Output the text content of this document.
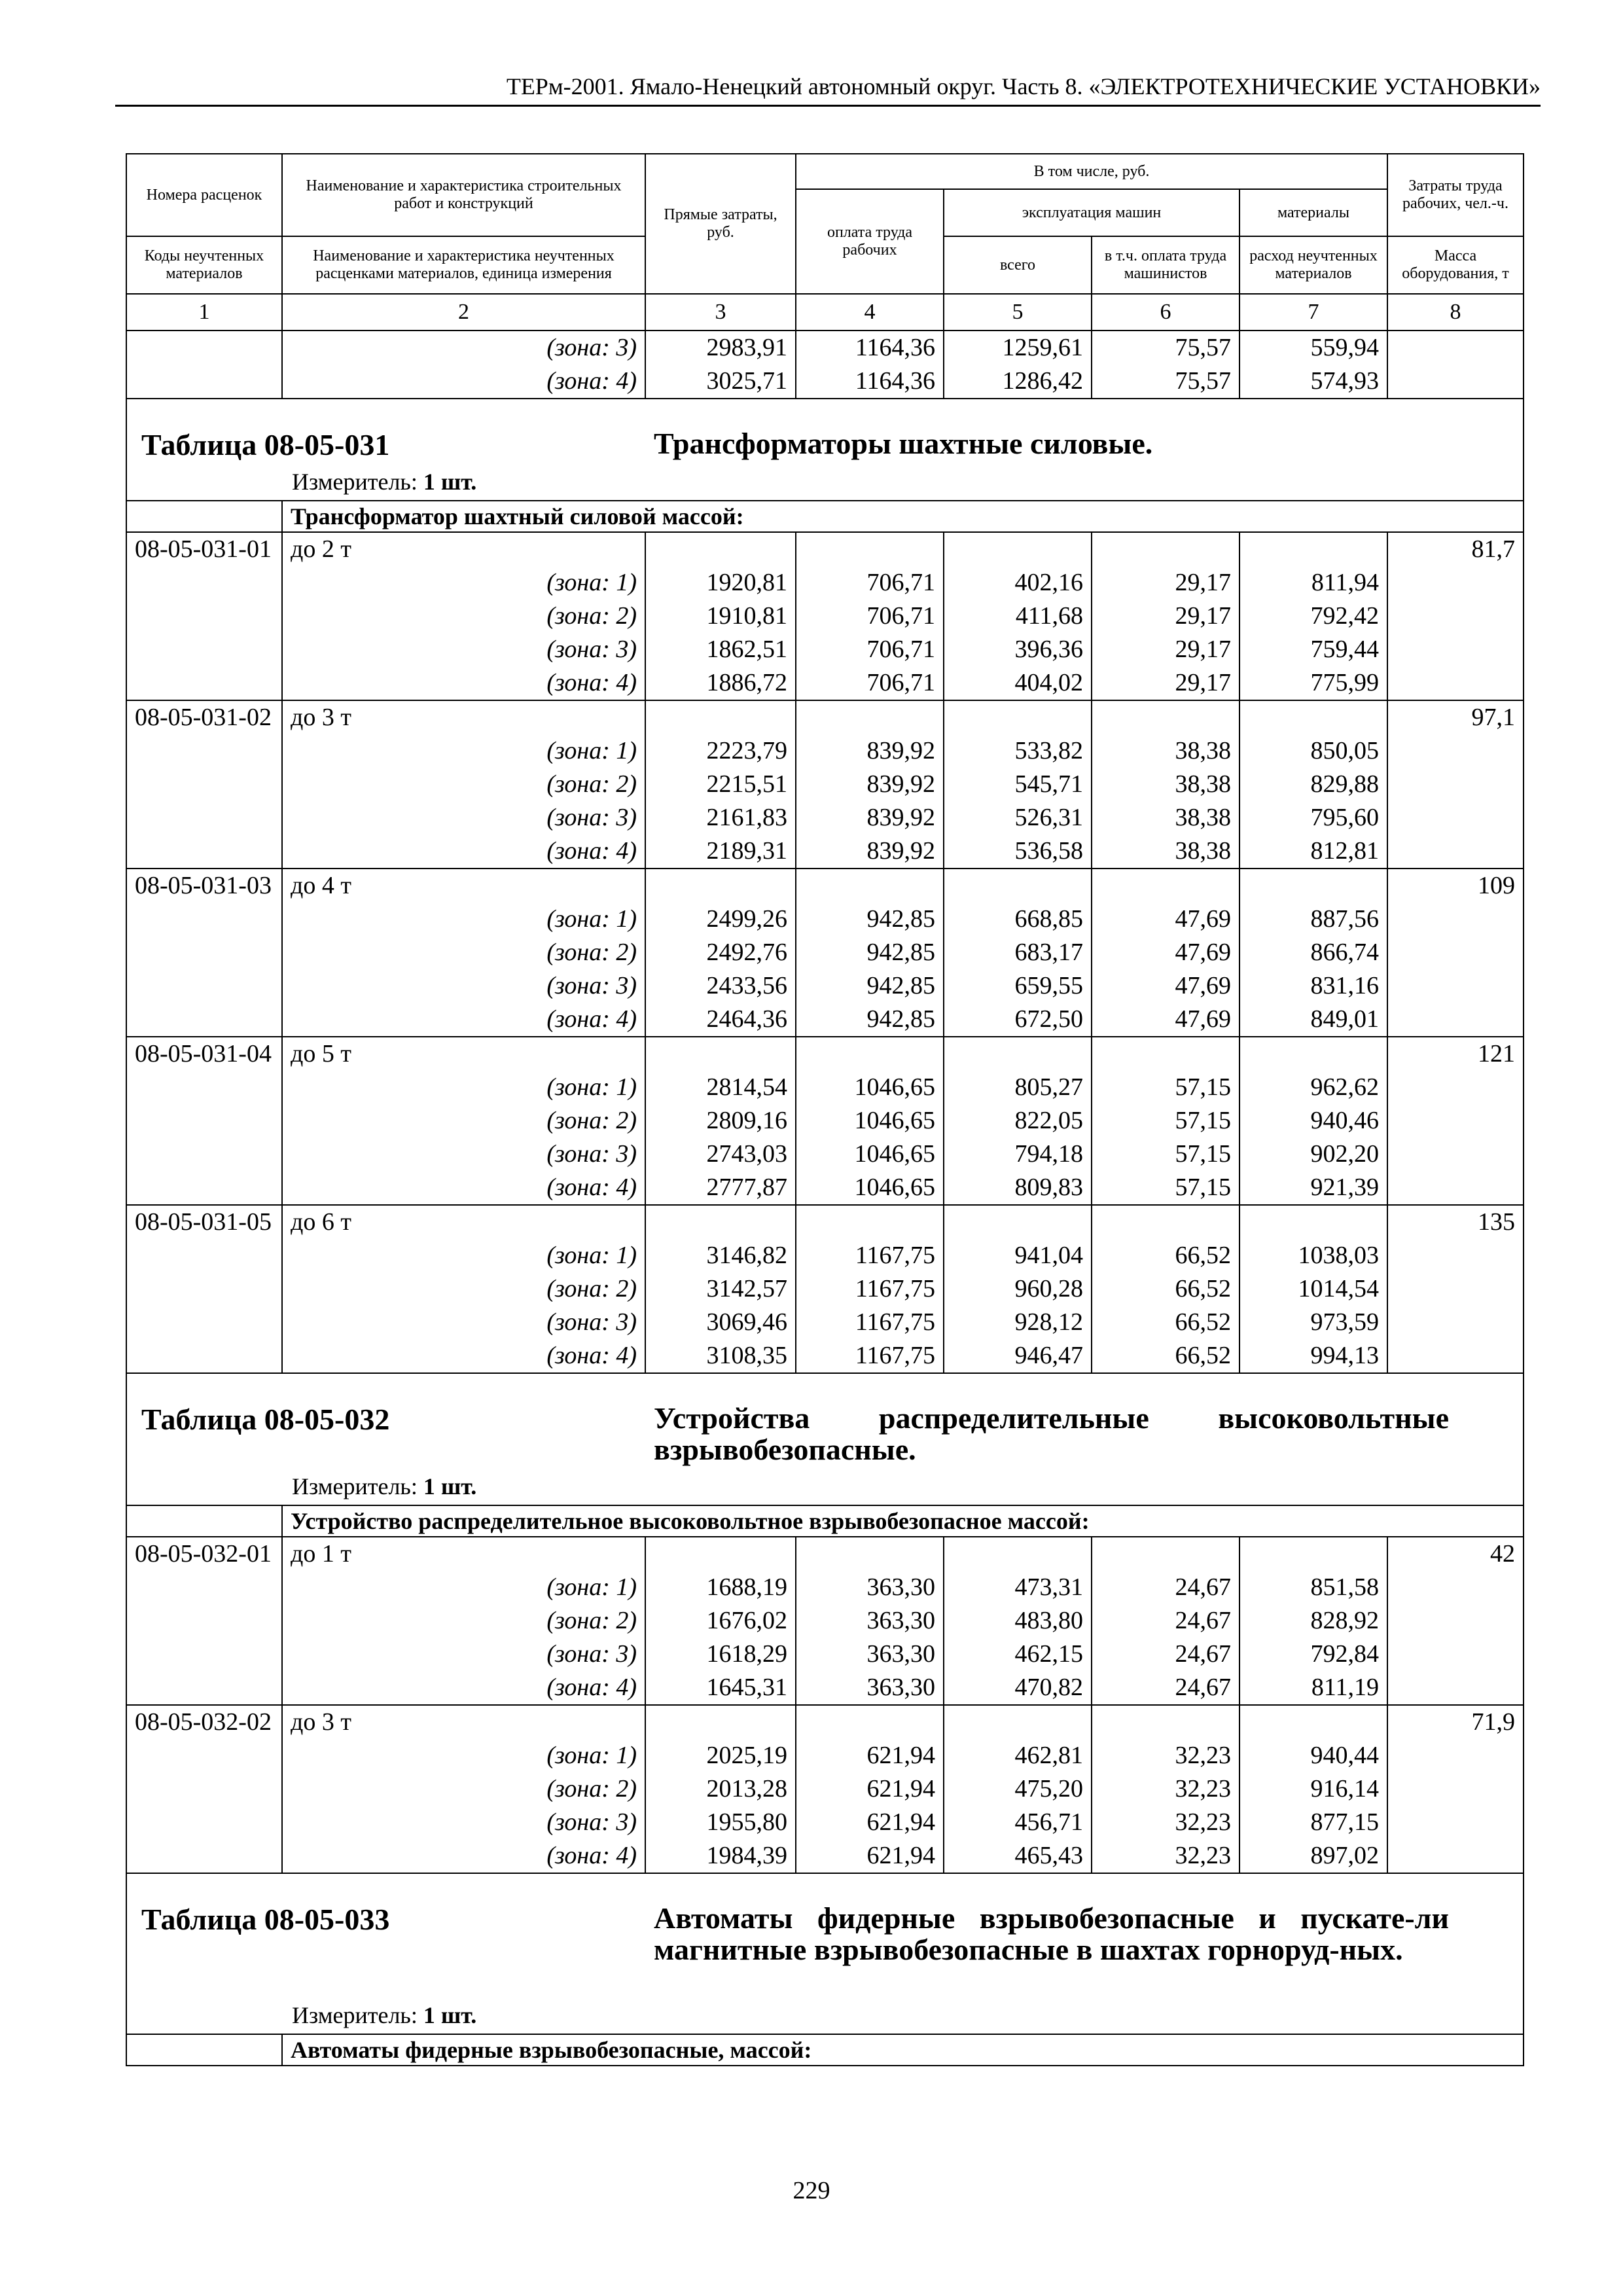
ТЕРм-2001. Ямало-Ненецкий автономный округ. Часть 8. «ЭЛЕКТРОТЕХНИЧЕСКИЕ УСТАНОВКИ»
Номера расценок	Наименование и характеристика строительных работ и конструкций	Прямые затраты, руб.	В том числе, руб.				Затраты труда рабочих, чел.-ч.
			оплата труда рабочих	эксплуатация машин		материалы	
Коды неучтенных материалов	Наименование и характеристика неучтенных расценками материалов, единица измерения			всего	в т.ч. оплата труда машинистов	расход неучтенных материалов	Масса оборудования, т
1	2	3	4	5	6	7	8
	(зона: 3)	2983,91	1164,36	1259,61	75,57	559,94	
	(зона: 4)	3025,71	1164,36	1286,42	75,57	574,93	

Таблица 08-05-031 Трансформаторы шахтные силовые.
Измеритель: 1 шт.							

	Трансформатор шахтный силовой массой:						
08-05-031-01	до 2 т						81,7
	(зона: 1)	1920,81	706,71	402,16	29,17	811,94	
	(зона: 2)	1910,81	706,71	411,68	29,17	792,42	
	(зона: 3)	1862,51	706,71	396,36	29,17	759,44	
	(зона: 4)	1886,72	706,71	404,02	29,17	775,99	
08-05-031-02	до 3 т						97,1
	(зона: 1)	2223,79	839,92	533,82	38,38	850,05	
	(зона: 2)	2215,51	839,92	545,71	38,38	829,88	
	(зона: 3)	2161,83	839,92	526,31	38,38	795,60	
	(зона: 4)	2189,31	839,92	536,58	38,38	812,81	
08-05-031-03	до 4 т						109
	(зона: 1)	2499,26	942,85	668,85	47,69	887,56	
	(зона: 2)	2492,76	942,85	683,17	47,69	866,74	
	(зона: 3)	2433,56	942,85	659,55	47,69	831,16	
	(зона: 4)	2464,36	942,85	672,50	47,69	849,01	
08-05-031-04	до 5 т						121
	(зона: 1)	2814,54	1046,65	805,27	57,15	962,62	
	(зона: 2)	2809,16	1046,65	822,05	57,15	940,46	
	(зона: 3)	2743,03	1046,65	794,18	57,15	902,20	
	(зона: 4)	2777,87	1046,65	809,83	57,15	921,39	
08-05-031-05	до 6 т						135
	(зона: 1)	3146,82	1167,75	941,04	66,52	1038,03	
	(зона: 2)	3142,57	1167,75	960,28	66,52	1014,54	
	(зона: 3)	3069,46	1167,75	928,12	66,52	973,59	
	(зона: 4)	3108,35	1167,75	946,47	66,52	994,13	

Таблица 08-05-032 Устройства распределительные высоковольтные взрывобезопасные.
Измеритель: 1 шт.							

	Устройство распределительное высоковольтное взрывобезопасное массой:						
08-05-032-01	до 1 т						42
	(зона: 1)	1688,19	363,30	473,31	24,67	851,58	
	(зона: 2)	1676,02	363,30	483,80	24,67	828,92	
	(зона: 3)	1618,29	363,30	462,15	24,67	792,84	
	(зона: 4)	1645,31	363,30	470,82	24,67	811,19	
08-05-032-02	до 3 т						71,9
	(зона: 1)	2025,19	621,94	462,81	32,23	940,44	
	(зона: 2)	2013,28	621,94	475,20	32,23	916,14	
	(зона: 3)	1955,80	621,94	456,71	32,23	877,15	
	(зона: 4)	1984,39	621,94	465,43	32,23	897,02	

Таблица 08-05-033 Автоматы фидерные взрывобезопасные и пускате-ли магнитные взрывобезопасные в шахтах горноруд-ных.
Измеритель: 1 шт.							

	Автоматы фидерные взрывобезопасные, массой:						
229
